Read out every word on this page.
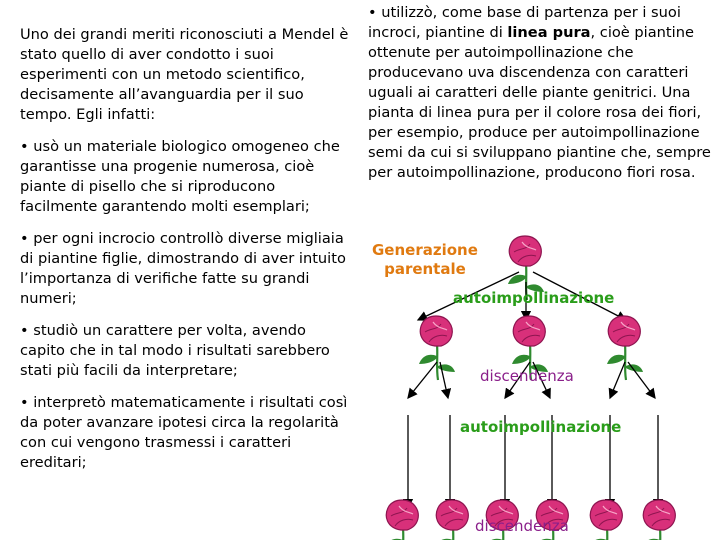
Uno dei grandi meriti riconosciuti a Mendel è stato quello di aver condotto i suoi esperimenti con un metodo scientifico, decisamente all’avanguardia per il suo tempo. Egli infatti:

• usò un materiale biologico omogeneo che garantisse una progenie numerosa, cioè piante di pisello che si riproducono facilmente garantendo molti esemplari;

• per ogni incrocio controllò diverse migliaia di piantine figlie, dimostrando di aver intuito l’importanza di verifiche fatte su grandi numeri;

• studiò un carattere per volta, avendo capito che in tal modo i risultati sarebbero stati più facili da interpretare;

• interpretò matematicamente i risultati così da poter avanzare ipotesi circa la regolarità con cui vengono trasmessi i caratteri ereditari;

• utilizzò, come base di partenza per i suoi incroci, piantine di linea pura, cioè piantine ottenute per autoimpollinazione che producevano uva discendenza con caratteri uguali ai caratteri delle piante genitrici. Una pianta di linea pura per il colore rosa dei fiori, per esempio, produce per autoimpollinazione semi da cui si sviluppano piantine che, sempre per autoimpollinazione, producono fiori rosa.

Generazione
parentale
autoimpollinazione
discendenza
autoimpollinazione
discendenza
